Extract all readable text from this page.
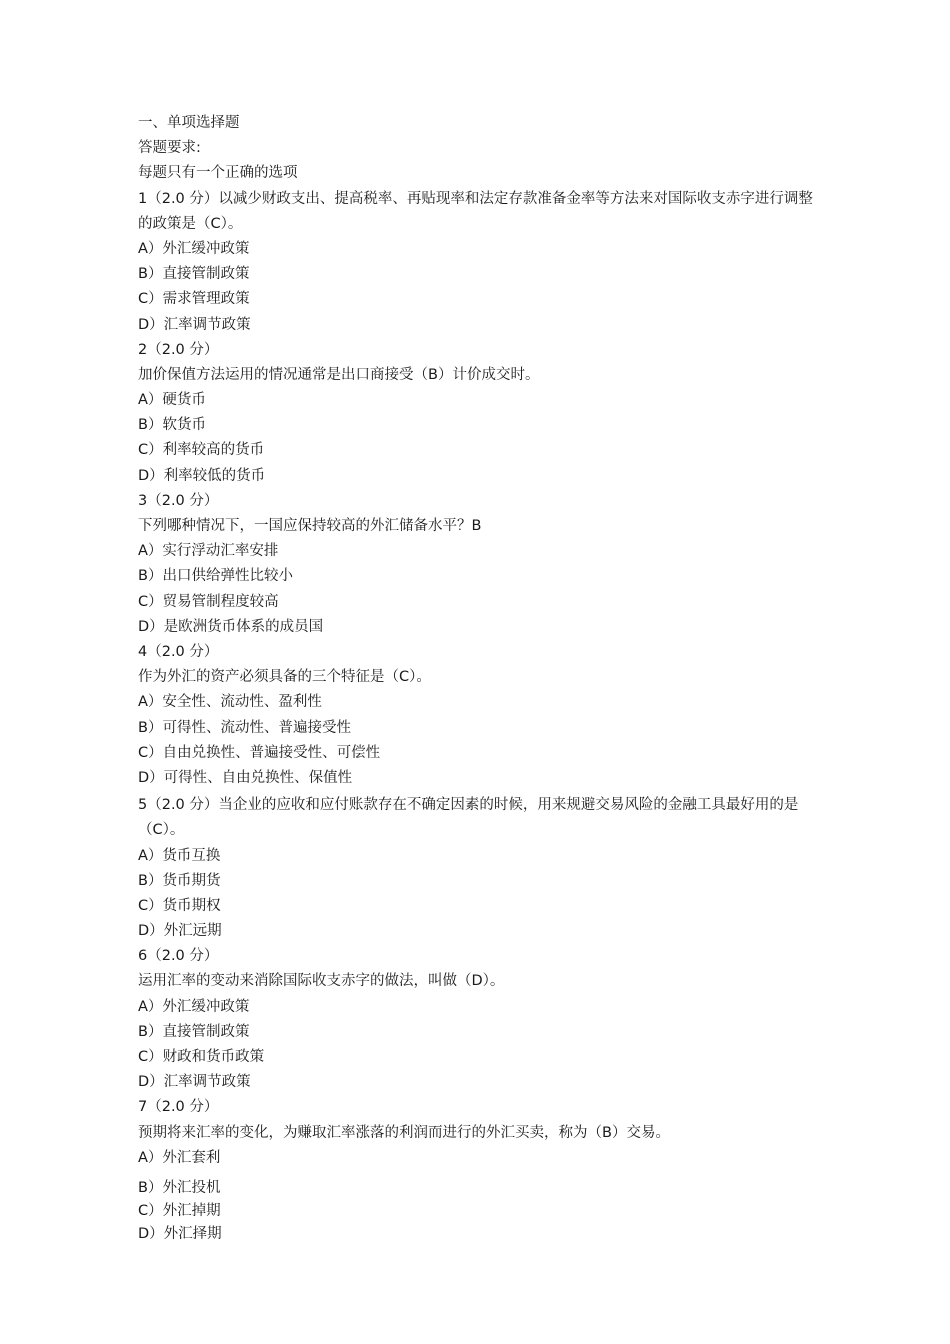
一、单项选择题
答题要求:
每题只有一个正确的选项
1（2.0 分）以减少财政支出、提高税率、再贴现率和法定存款准备金率等方法来对国际收支赤字进行调整的政策是（C）。
A）外汇缓冲政策
B）直接管制政策
C）需求管理政策
D）汇率调节政策
2（2.0 分）
加价保值方法运用的情况通常是出口商接受（B）计价成交时。
A）硬货币
B）软货币
C）利率较高的货币
D）利率较低的货币
3（2.0 分）
下列哪种情况下，一国应保持较高的外汇储备水平？B
A）实行浮动汇率安排
B）出口供给弹性比较小
C）贸易管制程度较高
D）是欧洲货币体系的成员国
4（2.0 分）
作为外汇的资产必须具备的三个特征是（C）。
A）安全性、流动性、盈利性
B）可得性、流动性、普遍接受性
C）自由兑换性、普遍接受性、可偿性
D）可得性、自由兑换性、保值性
5（2.0 分）当企业的应收和应付账款存在不确定因素的时候，用来规避交易风险的金融工具最好用的是（C）。
A）货币互换
B）货币期货
C）货币期权
D）外汇远期
6（2.0 分）
运用汇率的变动来消除国际收支赤字的做法，叫做（D）。
A）外汇缓冲政策
B）直接管制政策
C）财政和货币政策
D）汇率调节政策
7（2.0 分）
预期将来汇率的变化，为赚取汇率涨落的利润而进行的外汇买卖，称为（B）交易。
A）外汇套利
B）外汇投机
C）外汇掉期
D）外汇择期
